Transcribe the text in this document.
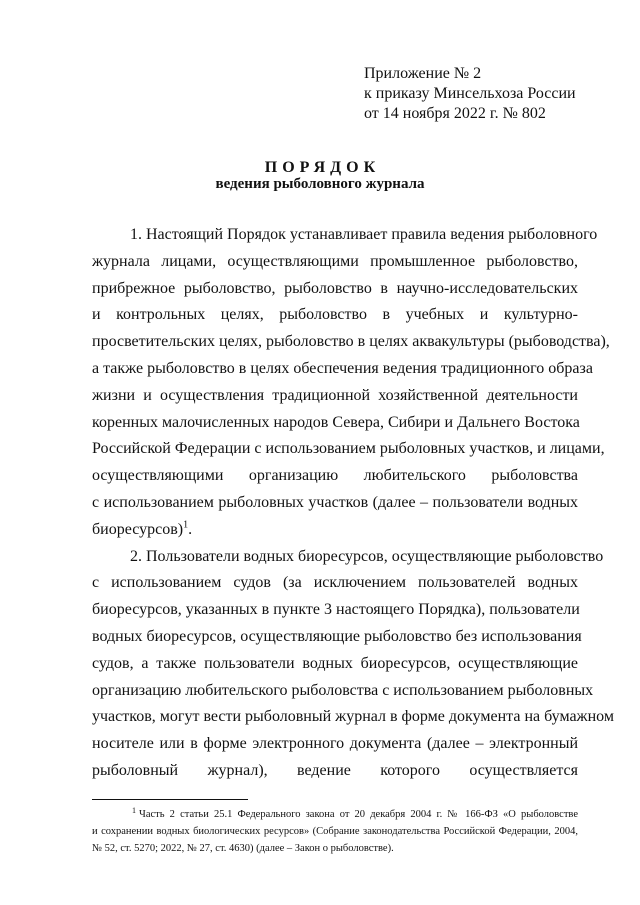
Приложение № 2
к приказу Минсельхоза России
от 14 ноября 2022 г. № 802
ПОРЯДОК
ведения рыболовного журнала
1. Настоящий Порядок устанавливает правила ведения рыболовного
журнала лицами, осуществляющими промышленное рыболовство,
прибрежное рыболовство, рыболовство в научно-исследовательских
и контрольных целях, рыболовство в учебных и культурно-
просветительских целях, рыболовство в целях аквакультуры (рыбоводства),
а также рыболовство в целях обеспечения ведения традиционного образа
жизни и осуществления традиционной хозяйственной деятельности
коренных малочисленных народов Севера, Сибири и Дальнего Востока
Российской Федерации с использованием рыболовных участков, и лицами,
осуществляющими организацию любительского рыболовства
с использованием рыболовных участков (далее – пользователи водных
биоресурсов)$^1$.
2. Пользователи водных биоресурсов, осуществляющие рыболовство
с использованием судов (за исключением пользователей водных
биоресурсов, указанных в пункте 3 настоящего Порядка), пользователи
водных биоресурсов, осуществляющие рыболовство без использования
судов, а также пользователи водных биоресурсов, осуществляющие
организацию любительского рыболовства с использованием рыболовных
участков, могут вести рыболовный журнал в форме документа на бумажном
носителе или в форме электронного документа (далее – электронный
рыболовный журнал), ведение которого осуществляется
$^1$ Часть 2 статьи 25.1 Федерального закона от 20 декабря 2004 г. № 166-ФЗ «О рыболовстве
и сохранении водных биологических ресурсов» (Собрание законодательства Российской Федерации, 2004,
№ 52, ст. 5270; 2022, № 27, ст. 4630) (далее – Закон о рыболовстве).
